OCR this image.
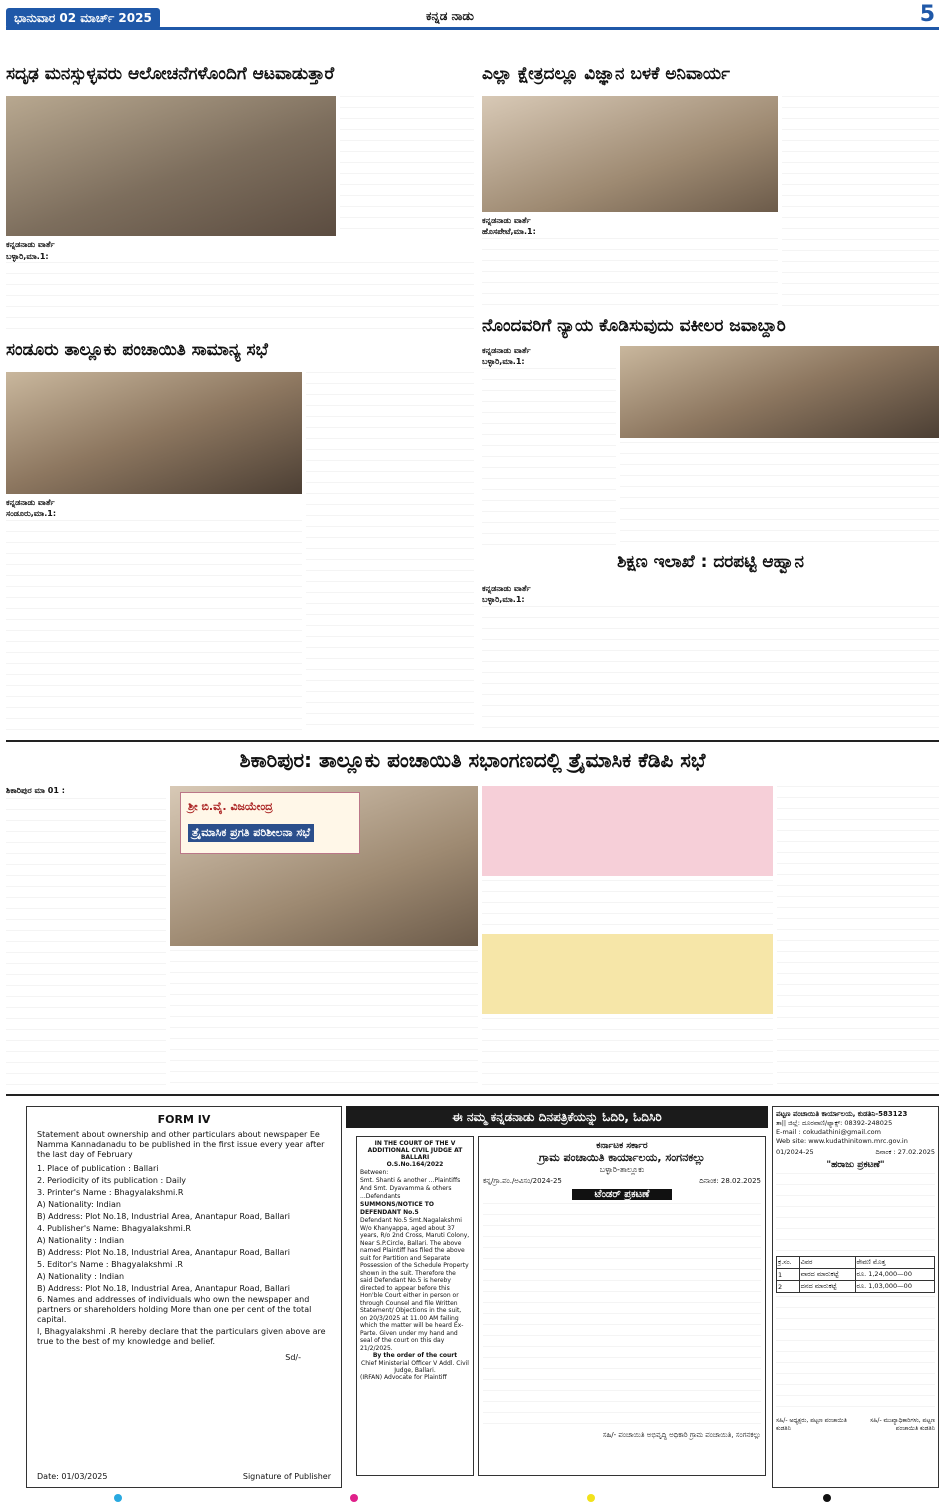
ಭಾನುವಾರ 02 ಮಾರ್ಚ್ 2025	ಕನ್ನಡ ನಾಡು	5
ಸದೃಢ ಮನಸ್ಸುಳ್ಳವರು ಆಲೋಚನೆಗಳೊಂದಿಗೆ ಆಟವಾಡುತ್ತಾರೆ
ಕನ್ನಡನಾಡು ವಾರ್ತೆ
ಬಳ್ಳಾರಿ,ಮಾ.1:
ಎಲ್ಲಾ ಕ್ಷೇತ್ರದಲ್ಲೂ ವಿಜ್ಞಾನ ಬಳಕೆ ಅನಿವಾರ್ಯ
ಕನ್ನಡನಾಡು ವಾರ್ತೆ
ಹೊಸಪೇಟೆ,ಮಾ.1:
ನೊಂದವರಿಗೆ ನ್ಯಾಯ ಕೊಡಿಸುವುದು ವಕೀಲರ ಜವಾಬ್ದಾರಿ
ಕನ್ನಡನಾಡು ವಾರ್ತೆ
ಬಳ್ಳಾರಿ,ಮಾ.1:
ಸಂಡೂರು ತಾಲ್ಲೂಕು ಪಂಚಾಯಿತಿ ಸಾಮಾನ್ಯ ಸಭೆ
ಕನ್ನಡನಾಡು ವಾರ್ತೆ
ಸಂಡೂರು,ಮಾ.1:
ಶಿಕ್ಷಣ ಇಲಾಖೆ : ದರಪಟ್ಟಿ ಆಹ್ವಾನ
ಕನ್ನಡನಾಡು ವಾರ್ತೆ
ಬಳ್ಳಾರಿ,ಮಾ.1:
ಶಿಕಾರಿಪುರ: ತಾಲ್ಲೂಕು ಪಂಚಾಯಿತಿ ಸಭಾಂಗಣದಲ್ಲಿ ತ್ರೈಮಾಸಿಕ ಕೆಡಿಪಿ ಸಭೆ
ಶಿಕಾರಿಪುರ ಮಾ 01 :
ಶ್ರೀ ಬಿ.ವೈ. ವಿಜಯೇಂದ್ರ
ತ್ರೈಮಾಸಿಕ ಪ್ರಗತಿ ಪರಿಶೀಲನಾ ಸಭೆ
FORM IV
Statement about ownership and other particulars about newspaper Ee Namma Kannadanadu to be published in the first issue every year after the last day of February
1. Place of publication : Ballari
2. Periodicity of its publication : Daily
3. Printer's Name : Bhagyalakshmi.R
A) Nationality: Indian
B) Address: Plot No.18, Industrial Area, Anantapur Road, Ballari
4. Publisher's Name: Bhagyalakshmi.R
A) Nationality : Indian
B) Address: Plot No.18, Industrial Area, Anantapur Road, Ballari
5. Editor's Name : Bhagyalakshmi .R
A) Nationality : Indian
B) Address: Plot No.18, Industrial Area, Anantapur Road, Ballari
6. Names and addresses of individuals who own the newspaper and partners or shareholders holding More than one per cent of the total capital.
I, Bhagyalakshmi .R hereby declare that the particulars given above are true to the best of my knowledge and belief.
Sd/-
Date: 01/03/2025	Signature of Publisher
ಈ ನಮ್ಮ ಕನ್ನಡನಾಡು ದಿನಪತ್ರಿಕೆಯನ್ನು ಓದಿರಿ, ಓದಿಸಿರಿ
IN THE COURT OF THE V ADDITIONAL CIVIL JUDGE AT BALLARI
O.S.No.164/2022
Between:
Smt. Shanti & another ...Plaintiffs And Smt. Dyavamma & others ...Defendants
SUMMONS/NOTICE TO DEFENDANT No.5
Defendant No.5 Smt.Nagalakshmi W/o Khanyappa, aged about 37 years, R/o 2nd Cross, Maruti Colony, Near S.P.Circle, Ballari. The above named Plaintiff has filed the above suit for Partition and Separate Possession of the Schedule Property shown in the suit. Therefore the said Defendant No.5 is hereby directed to appear before this Hon'ble Court either in person or through Counsel and file Written Statement/ Objections in the suit, on 20/3/2025 at 11.00 AM failing which the matter will be heard Ex-Parte. Given under my hand and seal of the court on this day 21/2/2025.
By the order of the court
Chief Ministerial Officer V Addl. Civil Judge, Ballari.
(IRFAN) Advocate for Plaintiff
ಕರ್ನಾಟಕ ಸರ್ಕಾರ
ಗ್ರಾಮ ಪಂಚಾಯಿತಿ ಕಾರ್ಯಾಲಯ, ಸಂಗನಕಲ್ಲು
ಬಳ್ಳಾರಿ-ತಾಲ್ಲೂಕು
ಕನ್ನ/ಗ್ರಾ.ಪಂ./ಅವಿಸಂ/2024-25	ದಿನಾಂಕ: 28.02.2025
ಟೆಂಡರ್ ಪ್ರಕಟಣೆ
ಸಹಿ/- ಪಂಚಾಯಿತಿ ಅಭಿವೃದ್ಧಿ ಅಧಿಕಾರಿ ಗ್ರಾಮ ಪಂಚಾಯಿತಿ, ಸಂಗನಕಲ್ಲು
ಪಟ್ಟಣ ಪಂಚಾಯಿತಿ ಕಾರ್ಯಾಲಯ, ಕುಡತಿನಿ-583123
ತಾ|| ಜಿಲ್ಲೆ: ದೂರವಾಣಿ/ಫ್ಯಾಕ್ಸ್: 08392-248025
E-mail : cokudathini@gmail.com
Web site: www.kudathinitown.mrc.gov.in
01/2024-25	ದಿನಾಂಕ : 27.02.2025
"ಹರಾಜು ಪ್ರಕಟಣೆ"
ಕ್ರ.ಸಂ.	ವಿವರ	ಠೇವಣಿ ಮೊತ್ತ
1	ವಾರದ ಮಾರುಕಟ್ಟೆ	ರೂ. 1,24,000—00
2	ದನದ ಮಾರುಕಟ್ಟೆ	ರೂ. 1,03,000—00
ಸಹಿ/- ಅಧ್ಯಕ್ಷರು, ಪಟ್ಟಣ ಪಂಚಾಯಿತಿ ಕುಡತಿನಿ
ಸಹಿ/- ಮುಖ್ಯಾಧಿಕಾರಿಗಳು, ಪಟ್ಟಣ ಪಂಚಾಯಿತಿ ಕುಡತಿನಿ
